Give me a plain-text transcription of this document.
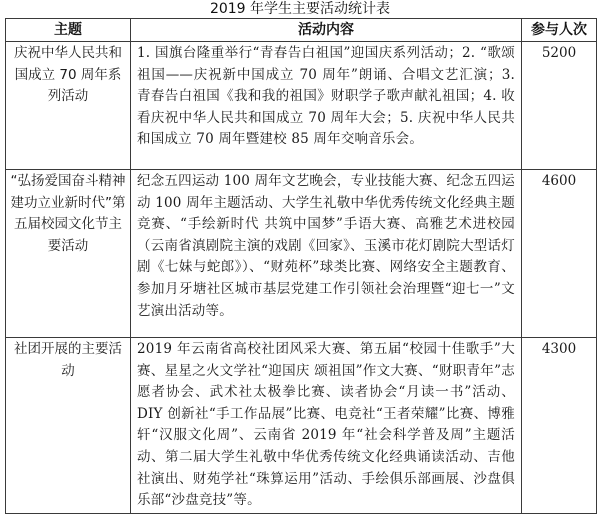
2019 年学生主要活动统计表
主题	活动内容	参与人次
庆祝中华人民共和国成立 70 周年系列活动	1. 国旗台隆重举行“青春告白祖国”迎国庆系列活动；2. “歌颂祖国——庆祝新中国成立 70 周年”朗诵、合唱文艺汇演；3. 青春告白祖国《我和我的祖国》财职学子歌声献礼祖国；4. 收看庆祝中华人民共和国成立 70 周年大会；5. 庆祝中华人民共和国成立 70 周年暨建校 85 周年交响音乐会。	5200
“弘扬爱国奋斗精神 建功立业新时代”第五届校园文化节主要活动	纪念五四运动 100 周年文艺晚会，专业技能大赛、纪念五四运动 100 周年主题活动、大学生礼敬中华优秀传统文化经典主题竞赛、“手绘新时代 共筑中国梦”手语大赛、高雅艺术进校园（云南省滇剧院主演的戏剧《回家》、玉溪市花灯剧院大型话灯剧《七妹与蛇郎》）、“财苑杯”球类比赛、网络安全主题教育、参加月牙塘社区城市基层党建工作引领社会治理暨“迎七一”文艺演出活动等。	4600
社团开展的主要活动	2019 年云南省高校社团风采大赛、第五届“校园十佳歌手”大赛、星星之火文学社“迎国庆 颂祖国”作文大赛、“财职青年”志愿者协会、武术社太极拳比赛、读者协会“月读一书”活动、DIY 创新社“手工作品展”比赛、电竞社“王者荣耀”比赛、博雅轩“汉服文化周”、云南省 2019 年“社会科学普及周”主题活动、第二届大学生礼敬中华优秀传统文化经典诵读活动、吉他社演出、财苑学社“珠算运用”活动、手绘俱乐部画展、沙盘俱乐部“沙盘竞技”等。	4300
